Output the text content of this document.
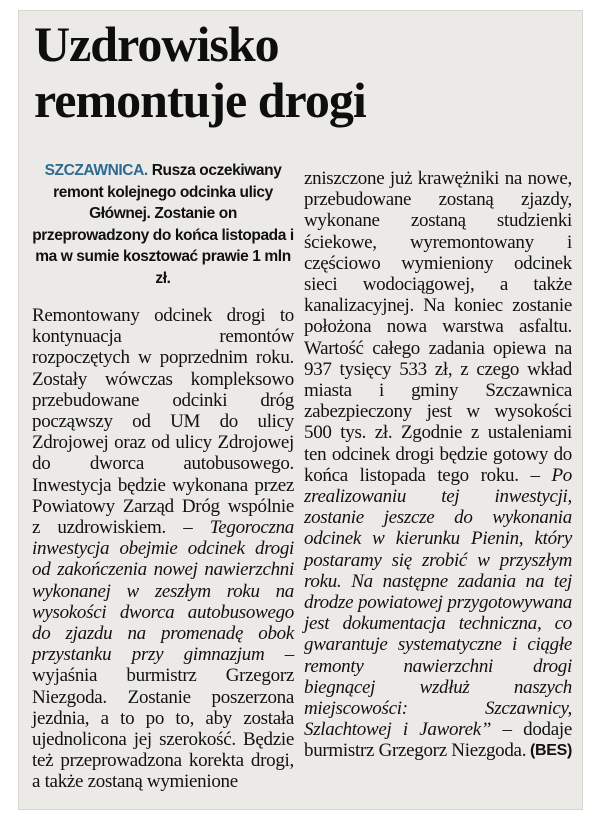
Uzdrowisko
remontuje drogi
SZCZAWNICA. Rusza oczekiwany remont kolejnego odcinka ulicy Głównej. Zostanie on przeprowadzony do końca listopada i ma w sumie kosztować prawie 1 mln zł.

Remontowany odcinek drogi to kontynuacja remontów rozpoczętych w poprzednim roku. Zostały wówczas kompleksowo przebudowane odcinki dróg począwszy od UM do ulicy Zdrojowej oraz od ulicy Zdrojowej do dworca autobusowego. Inwestycja będzie wykonana przez Powiatowy Zarząd Dróg wspólnie z uzdrowiskiem. – Tegoroczna inwestycja obejmie odcinek drogi od zakończenia nowej nawierzchni wykonanej w zeszłym roku na wysokości dworca autobusowego do zjazdu na promenadę obok przystanku przy gimnazjum – wyjaśnia burmistrz Grzegorz Niezgoda. Zostanie poszerzona jezdnia, a to po to, aby została ujednolicona jej szerokość. Będzie też przeprowadzona korekta drogi, a także zostaną wymienione

zniszczone już krawężniki na nowe, przebudowane zostaną zjazdy, wykonane zostaną studzienki ściekowe, wyremontowany i częściowo wymieniony odcinek sieci wodociągowej, a także kanalizacyjnej. Na koniec zostanie położona nowa warstwa asfaltu. Wartość całego zadania opiewa na 937 tysięcy 533 zł, z czego wkład miasta i gminy Szczawnica zabezpieczony jest w wysokości 500 tys. zł. Zgodnie z ustaleniami ten odcinek drogi będzie gotowy do końca listopada tego roku. – Po zrealizowaniu tej inwestycji, zostanie jeszcze do wykonania odcinek w kierunku Pienin, który postaramy się zrobić w przyszłym roku. Na następne zadania na tej drodze powiatowej przygotowywana jest dokumentacja techniczna, co gwarantuje systematyczne i ciągłe remonty nawierzchni drogi biegnącej wzdłuż naszych miejscowości: Szczawnicy, Szlachtowej i Jaworek” – dodaje burmistrz Grzegorz Niezgoda. (BES)
